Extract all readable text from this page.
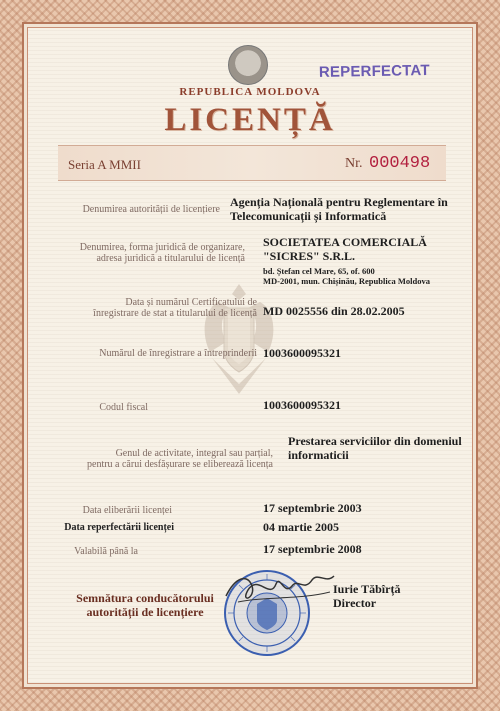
REPERFECTAT
REPUBLICA MOLDOVA
LICENȚĂ
Seria A MMII	Nr. 000498
Denumirea autorității de licențiere
Agenția Națională pentru Reglementare în
Telecomunicații și Informatică
Denumirea, forma juridică de organizare,
adresa juridică a titularului de licență
SOCIETATEA COMERCIALĂ
"SICRES" S.R.L.
bd. Ștefan cel Mare, 65, of. 600
MD-2001, mun. Chișinău, Republica Moldova
Data și numărul Certificatului de
înregistrare de stat a titularului de licență MD 0025556 din 28.02.2005
Numărul de înregistrare a întreprinderii 1003600095321
Codul fiscal	1003600095321
Genul de activitate, integral sau parțial,
pentru a cărui desfășurare se eliberează licența
Prestarea serviciilor din domeniul
informaticii
Data eliberării licenței	17 septembrie 2003
Data reperfectării licenței	04 martie 2005
Valabilă până la	17 septembrie 2008
Semnătura conducătorului
autorității de licențiere
Iurie Tăbîrță
Director
